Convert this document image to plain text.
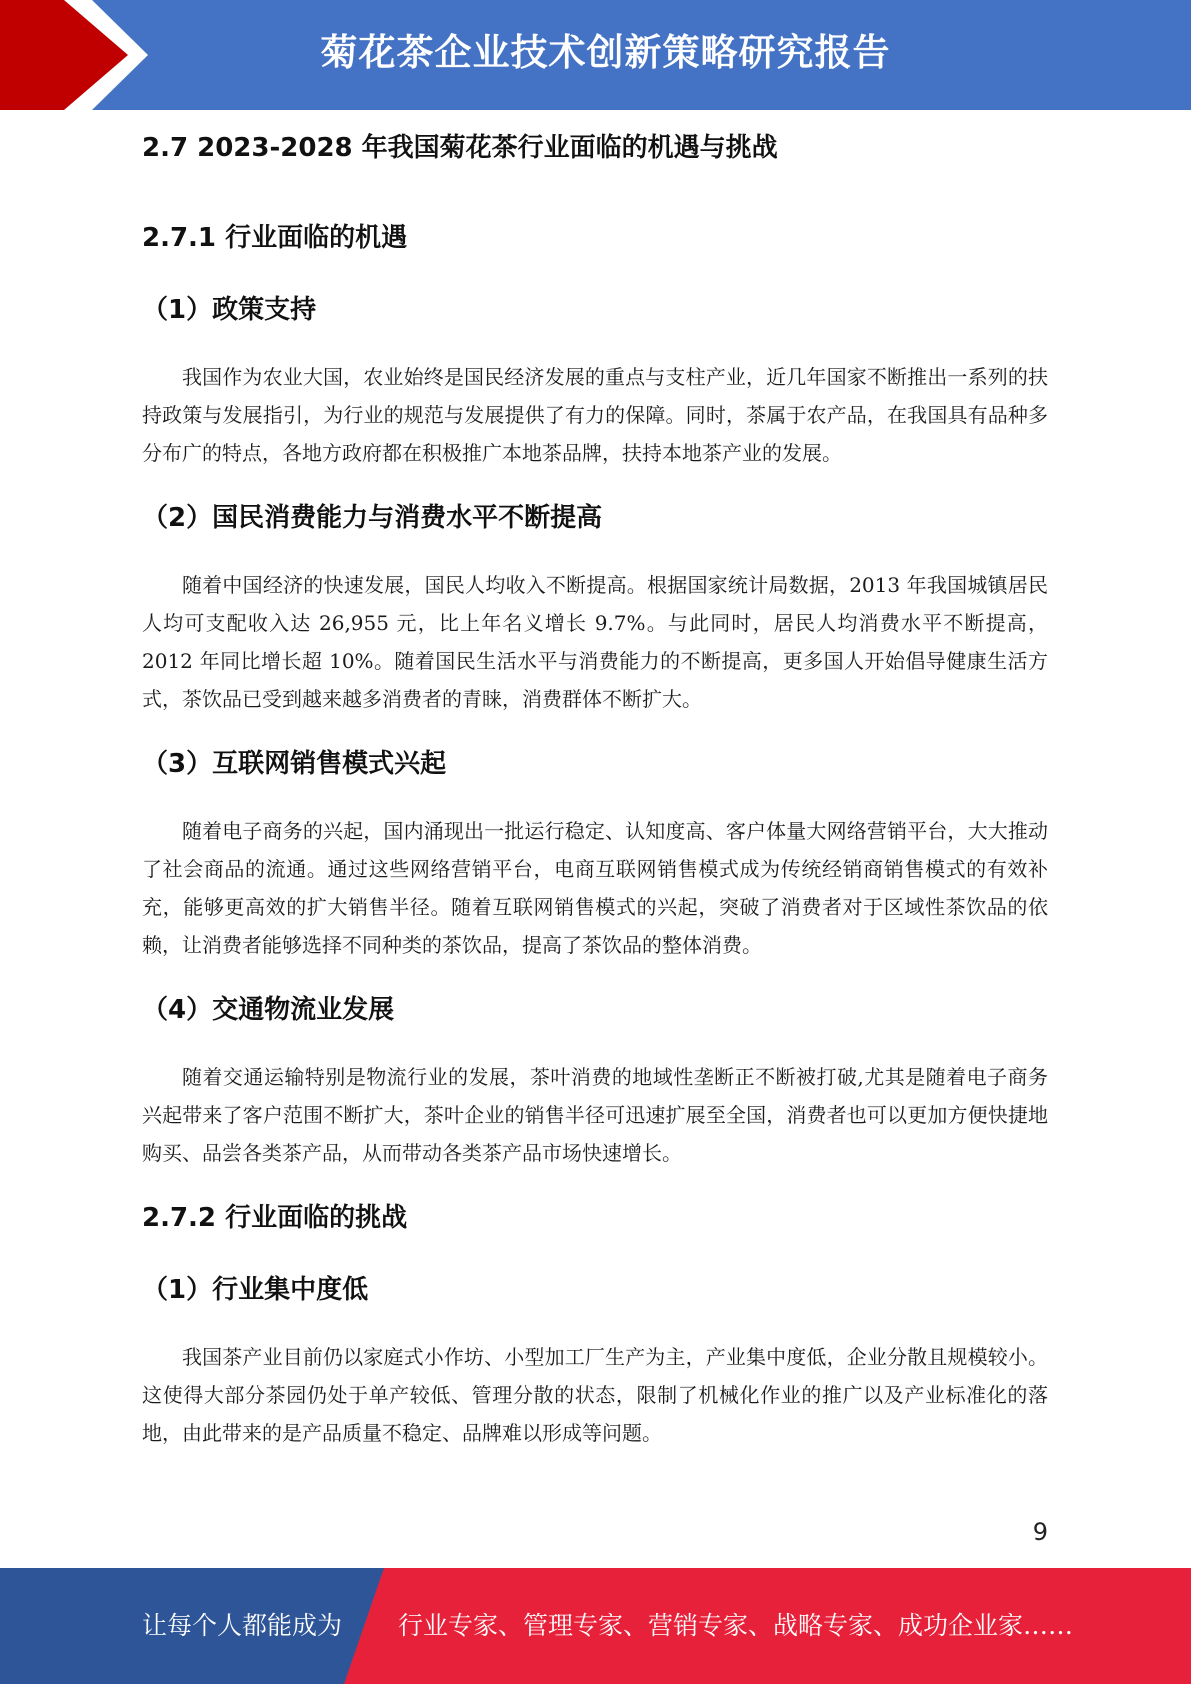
菊花茶企业技术创新策略研究报告
2.7 2023-2028 年我国菊花茶行业面临的机遇与挑战
2.7.1 行业面临的机遇
（1）政策支持

我国作为农业大国，农业始终是国民经济发展的重点与支柱产业，近几年国家不断推出一系列的扶持政策与发展指引，为行业的规范与发展提供了有力的保障。同时，茶属于农产品，在我国具有品种多分布广的特点，各地方政府都在积极推广本地茶品牌，扶持本地茶产业的发展。

（2）国民消费能力与消费水平不断提高

随着中国经济的快速发展，国民人均收入不断提高。根据国家统计局数据，2013 年我国城镇居民人均可支配收入达 26,955 元，比上年名义增长 9.7%。与此同时，居民人均消费水平不断提高，2012 年同比增长超 10%。随着国民生活水平与消费能力的不断提高，更多国人开始倡导健康生活方式，茶饮品已受到越来越多消费者的青睐，消费群体不断扩大。

（3）互联网销售模式兴起

随着电子商务的兴起，国内涌现出一批运行稳定、认知度高、客户体量大网络营销平台，大大推动了社会商品的流通。通过这些网络营销平台，电商互联网销售模式成为传统经销商销售模式的有效补充，能够更高效的扩大销售半径。随着互联网销售模式的兴起，突破了消费者对于区域性茶饮品的依赖，让消费者能够选择不同种类的茶饮品，提高了茶饮品的整体消费。

（4）交通物流业发展

随着交通运输特别是物流行业的发展，茶叶消费的地域性垄断正不断被打破,尤其是随着电子商务兴起带来了客户范围不断扩大，茶叶企业的销售半径可迅速扩展至全国，消费者也可以更加方便快捷地购买、品尝各类茶产品，从而带动各类茶产品市场快速增长。

2.7.2 行业面临的挑战
（1）行业集中度低

我国茶产业目前仍以家庭式小作坊、小型加工厂生产为主，产业集中度低，企业分散且规模较小。这使得大部分茶园仍处于单产较低、管理分散的状态，限制了机械化作业的推广以及产业标准化的落地，由此带来的是产品质量不稳定、品牌难以形成等问题。

9
让每个人都能成为 行业专家、管理专家、营销专家、战略专家、成功企业家……
